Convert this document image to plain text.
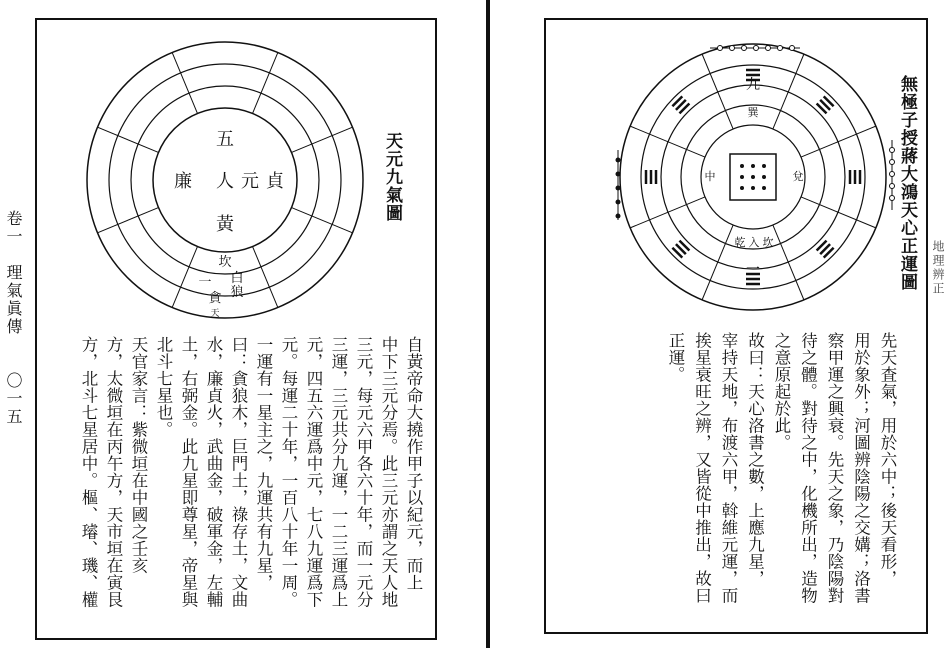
卷一　理氣眞傳
〇一五
五
廉 人 元 貞
黃
坎
白
狼
一
貪
天
天元九氣圖
自黃帝命大撓作甲子以紀元，而上
中下三元分焉。此三元亦謂之天人地
三元，每元六甲各六十年，而一元分
三運，三元共分九運，一二三運爲上
元，四五六運爲中元，七八九運爲下
元。每運二十年，一百八十年一周。
一運有一星主之，九運共有九星，
曰：貪狼木，巨門土，祿存土，文曲
水，廉貞火，武曲金，破軍金，左輔
土，右弼金。此九星即尊星，帝星與
北斗七星也。
天官家言：紫微垣在中國之壬亥
方，太微垣在丙午方，天市垣在寅艮
方，北斗七星居中。樞、璿、璣、權
乾 入 坎
巽
中	兌
九
一	無極子授蔣大鴻天心正運圖
先天査氣，用於六中；後天看形，
用於象外；河圖辨陰陽之交媾；洛書
察甲運之興衰。先天之象，乃陰陽對
待之體。對待之中，化機所出，造物
之意原起於此。
故曰：天心洛書之數，上應九星，
宰持天地，布渡六甲，斡維元運，而
挨星衰旺之辨，又皆從中推出，故曰
正運。
地理辨正
